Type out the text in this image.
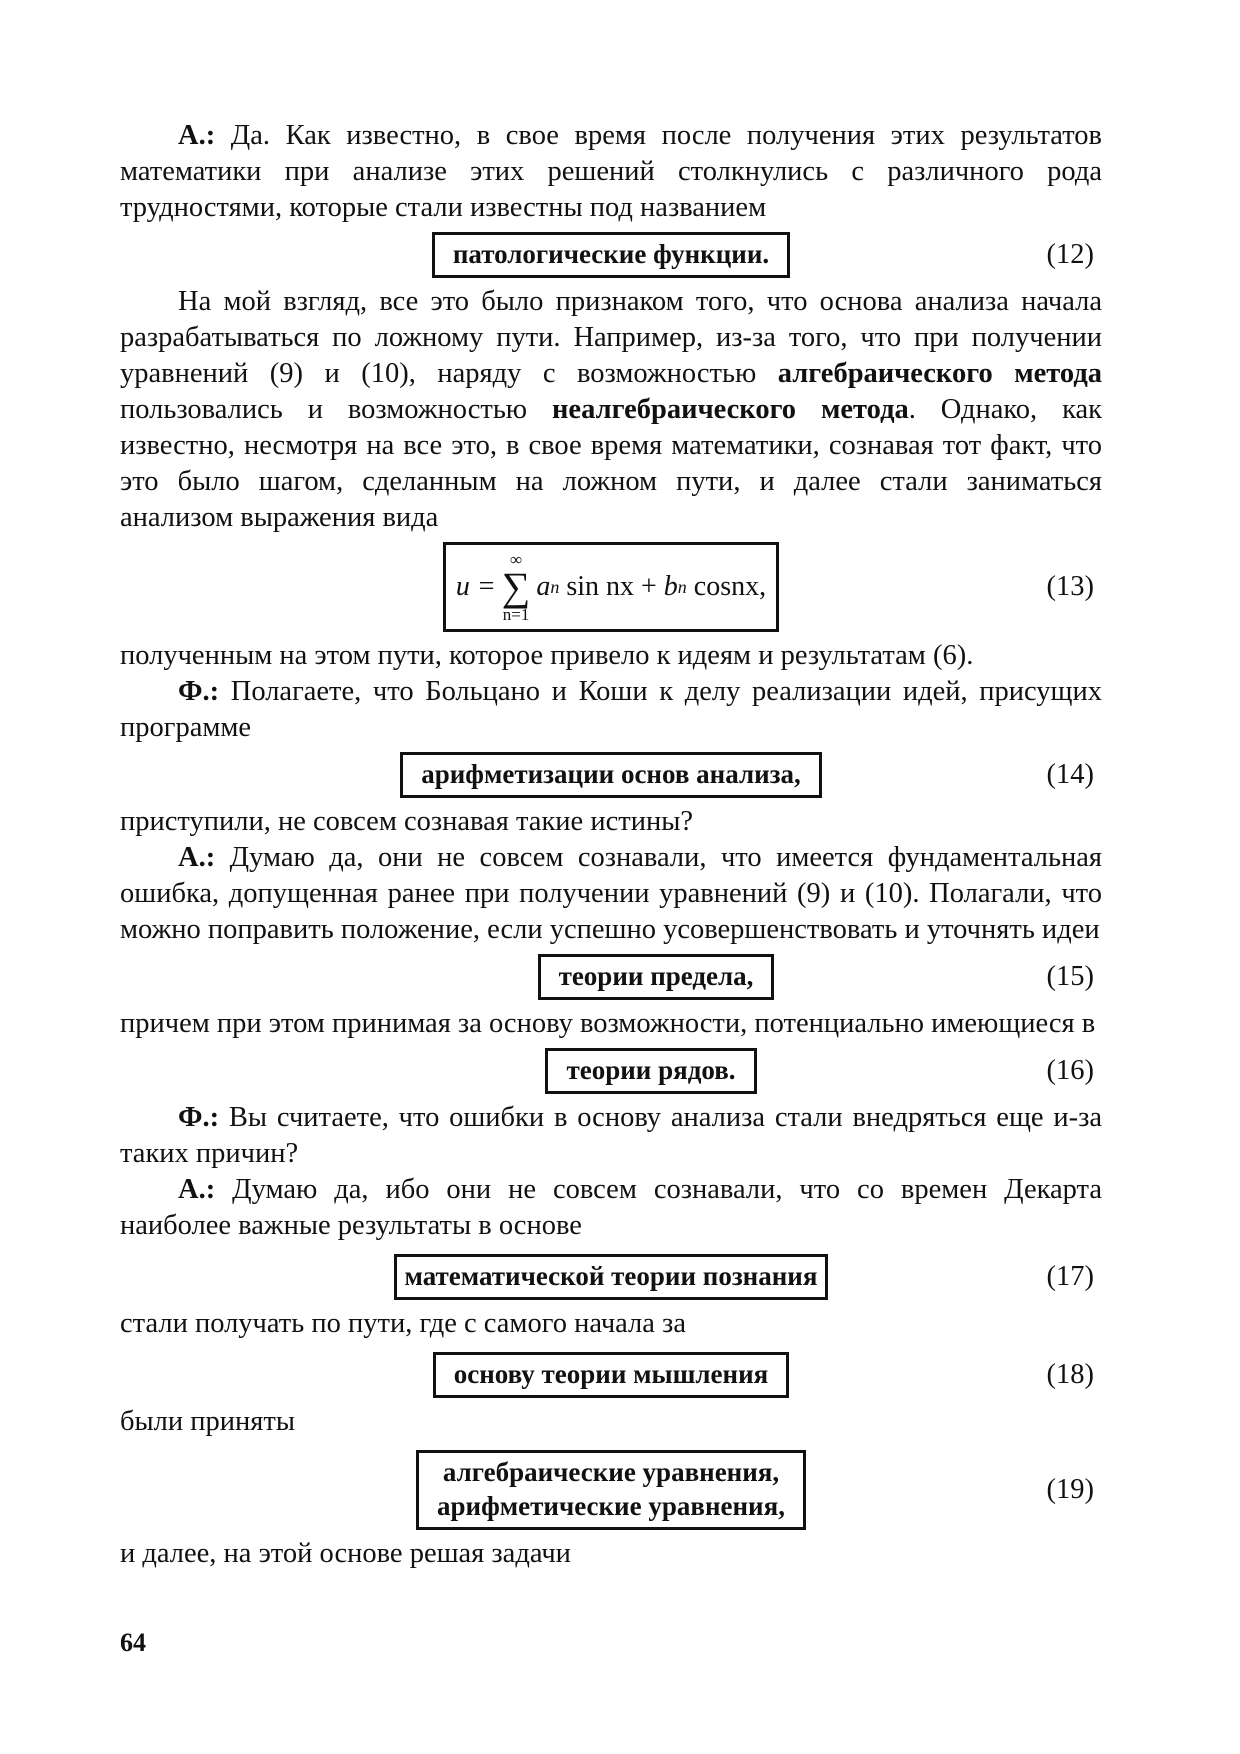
А.: Да. Как известно, в свое время после получения этих результатов математики при анализе этих решений столкнулись с различного рода трудностями, которые стали известны под названием

патологические функции.	(12)

На мой взгляд, все это было признаком того, что основа анализа начала разрабатываться по ложному пути. Например, из-за того, что при получении уравнений (9) и (10), наряду с возможностью алгебраического метода пользовались и возможностью неалгебраического метода. Однако, как известно, несмотря на все это, в свое время математики, сознавая тот факт, что это было шагом, сделанным на ложном пути, и далее стали заниматься анализом выражения вида

u =
∞
∑
n=1
a n sin nx + b n cosnx,	(13)

полученным на этом пути, которое привело к идеям и результатам (6).

Ф.: Полагаете, что Больцано и Коши к делу реализации идей, присущих программе

арифметизации основ анализа,	(14)

приступили, не совсем сознавая такие истины?

А.: Думаю да, они не совсем сознавали, что имеется фундаментальная ошибка, допущенная ранее при получении уравнений (9) и (10). Полагали, что можно поправить положение, если успешно усовершенствовать и уточнять идеи

теории предела,	(15)

причем при этом принимая за основу возможности, потенциально имеющиеся в

теории рядов.	(16)

Ф.: Вы считаете, что ошибки в основу анализа стали внедряться еще и-за таких причин?

А.: Думаю да, ибо они не совсем сознавали, что со времен Декарта наиболее важные результаты в основе

математической теории познания	(17)

стали получать по пути, где с самого начала за

основу теории мышления	(18)

были приняты

алгебраические уравнения,
арифметические уравнения,
(19)

и далее, на этой основе решая задачи

64
